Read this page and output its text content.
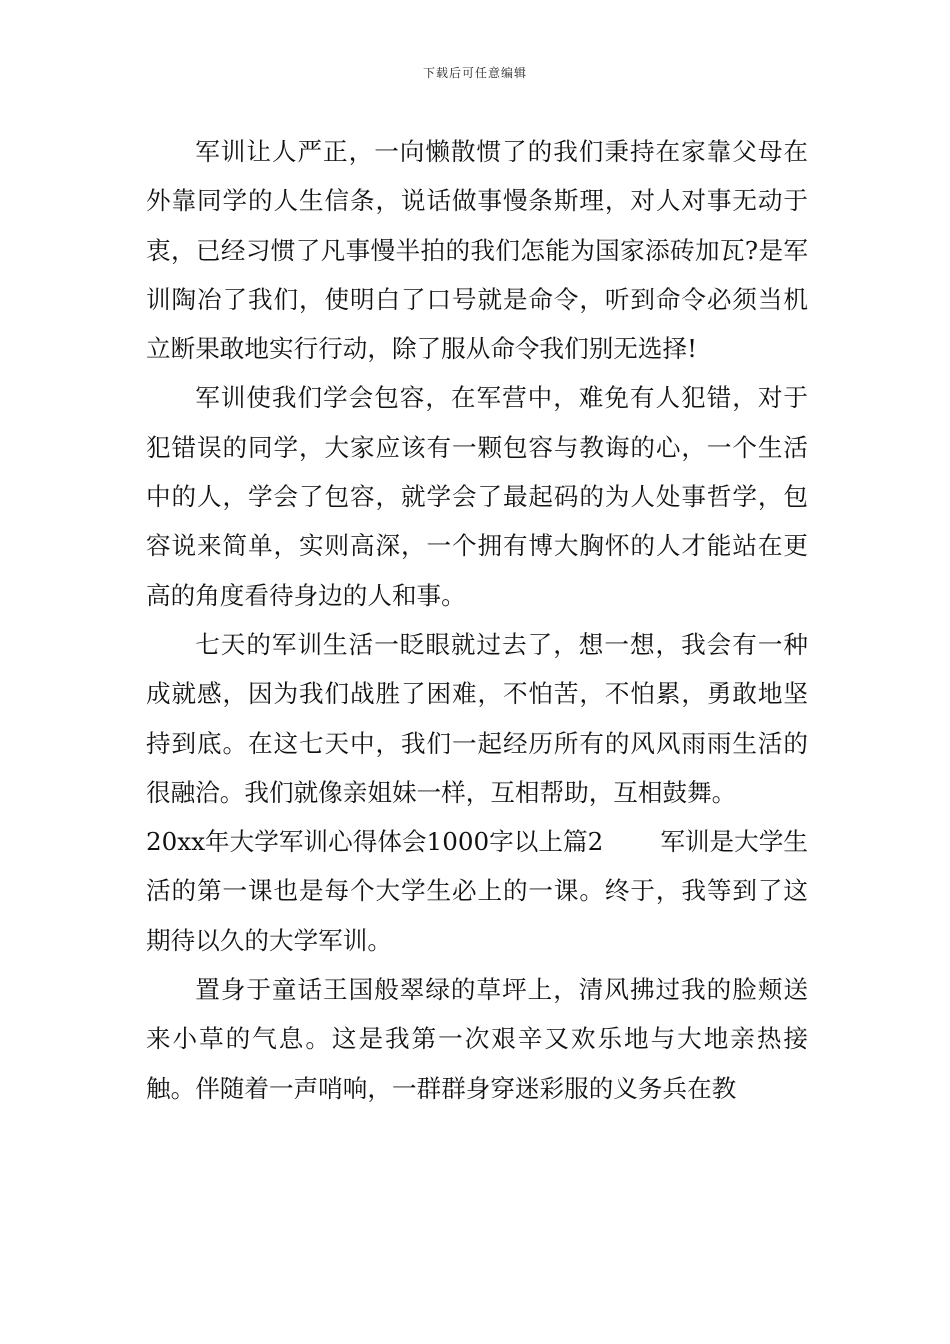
下载后可任意编辑

军训让人严正，一向懒散惯了的我们秉持在家靠父母在外靠同学的人生信条，说话做事慢条斯理，对人对事无动于衷，已经习惯了凡事慢半拍的我们怎能为国家添砖加瓦?是军训陶冶了我们，使明白了口号就是命令，听到命令必须当机立断果敢地实行行动，除了服从命令我们别无选择!

军训使我们学会包容，在军营中，难免有人犯错，对于犯错误的同学，大家应该有一颗包容与教诲的心，一个生活中的人，学会了包容，就学会了最起码的为人处事哲学，包容说来简单，实则高深，一个拥有博大胸怀的人才能站在更高的角度看待身边的人和事。

七天的军训生活一眨眼就过去了，想一想，我会有一种成就感，因为我们战胜了困难，不怕苦，不怕累，勇敢地坚持到底。在这七天中，我们一起经历所有的风风雨雨生活的很融洽。我们就像亲姐妹一样，互相帮助，互相鼓舞。

20xx年大学军训心得体会1000字以上篇2　　 军训是大学生活的第一课也是每个大学生必上的一课。终于，我等到了这期待以久的大学军训。

置身于童话王国般翠绿的草坪上，清风拂过我的脸颊送来小草的气息。这是我第一次艰辛又欢乐地与大地亲热接触。伴随着一声哨响，一群群身穿迷彩服的义务兵在教
